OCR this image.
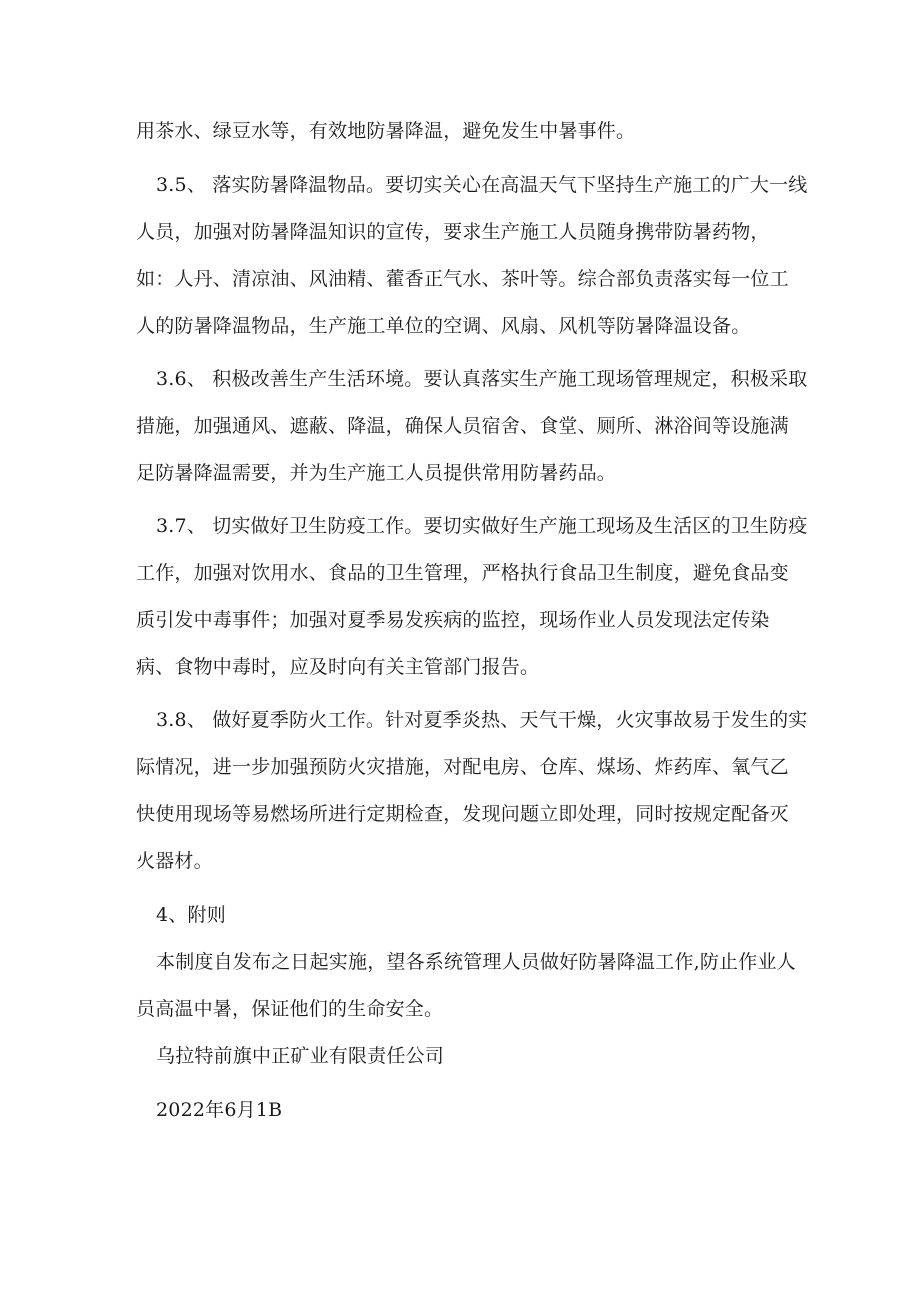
用茶水、绿豆水等，有效地防暑降温，避免发生中暑事件。

3.5、 落实防暑降温物品。要切实关心在高温天气下坚持生产施工的广大一线

人员，加强对防暑降温知识的宣传，要求生产施工人员随身携带防暑药物，

如：人丹、清凉油、风油精、藿香正气水、茶叶等。综合部负责落实每一位工

人的防暑降温物品，生产施工单位的空调、风扇、风机等防暑降温设备。

3.6、 积极改善生产生活环境。要认真落实生产施工现场管理规定，积极采取

措施，加强通风、遮蔽、降温，确保人员宿舍、食堂、厕所、淋浴间等设施满

足防暑降温需要，并为生产施工人员提供常用防暑药品。

3.7、 切实做好卫生防疫工作。要切实做好生产施工现场及生活区的卫生防疫

工作，加强对饮用水、食品的卫生管理，严格执行食品卫生制度，避免食品变

质引发中毒事件；加强对夏季易发疾病的监控，现场作业人员发现法定传染

病、食物中毒时，应及时向有关主管部门报告。

3.8、 做好夏季防火工作。针对夏季炎热、天气干燥，火灾事故易于发生的实

际情况，进一步加强预防火灾措施，对配电房、仓库、煤场、炸药库、氧气乙

快使用现场等易燃场所进行定期检查，发现问题立即处理，同时按规定配备灭

火器材。

4、附则

本制度自发布之日起实施，望各系统管理人员做好防暑降温工作,防止作业人

员高温中暑，保证他们的生命安全。

乌拉特前旗中正矿业有限责任公司

2022年6月1B
